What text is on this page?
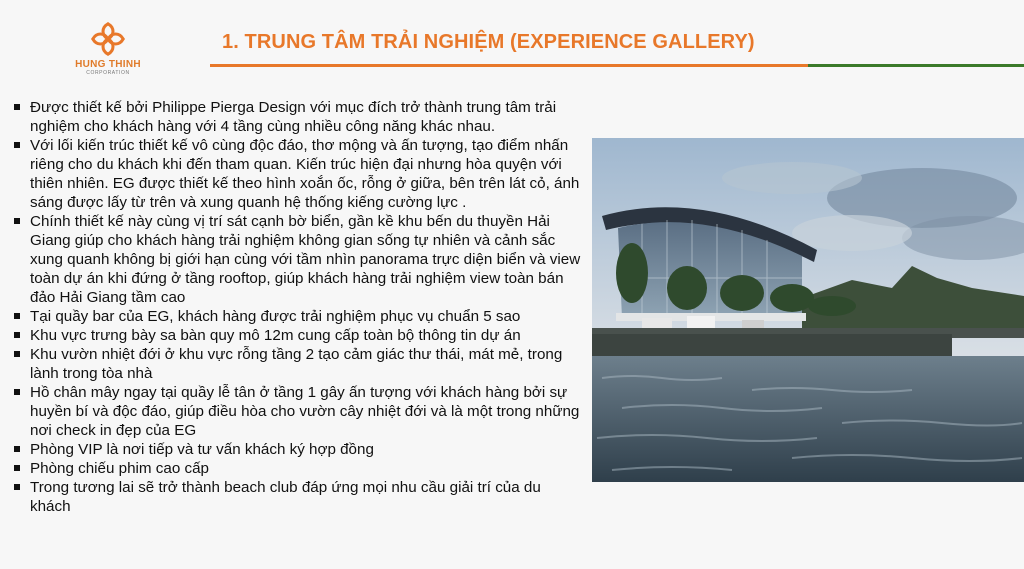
HUNG THINH
CORPORATION
1. TRUNG TÂM TRẢI NGHIỆM (EXPERIENCE GALLERY)
Được thiết kế bởi Philippe Pierga Design với mục đích trở thành trung tâm trải nghiệm cho khách hàng với 4 tầng cùng nhiều công năng khác nhau.
Với lối kiến trúc thiết kế vô cùng độc đáo, thơ mộng và ấn tượng, tạo điểm nhấn riêng cho du khách khi đến tham quan. Kiến trúc hiện đại nhưng hòa quyện với thiên nhiên. EG được thiết kế theo hình xoắn ốc, rỗng ở giữa, bên trên lát cỏ, ánh sáng được lấy từ trên và xung quanh hệ thống kiếng cường lực .
Chính thiết kế này cùng vị trí sát cạnh bờ biển, gần kề khu bến du thuyền Hải Giang giúp cho khách hàng trải nghiệm không gian sống tự nhiên và cảnh sắc xung quanh không bị giới hạn cùng với tầm nhìn panorama trực diện biển và view toàn dự án khi đứng ở tầng rooftop, giúp khách hàng trải nghiệm view toàn bán đảo Hải Giang tầm cao
Tại quầy bar của EG, khách hàng được trải nghiệm phục vụ chuẩn 5 sao
Khu vực trưng bày sa bàn quy mô 12m cung cấp toàn bộ thông tin dự án
Khu vườn nhiệt đới ở khu vực rỗng tầng 2 tạo cảm giác thư thái, mát mẻ, trong lành trong tòa nhà
Hồ chân mây ngay tại quầy lễ tân ở tầng 1 gây ấn tượng với khách hàng bởi sự huyền bí và độc đáo, giúp điều hòa cho vườn cây nhiệt đới và là một trong những nơi check in đẹp của EG
Phòng VIP là nơi tiếp và tư vấn khách ký hợp đồng
Phòng chiếu phim cao cấp
Trong tương lai sẽ trở thành beach club đáp ứng mọi nhu cầu giải trí của du khách
